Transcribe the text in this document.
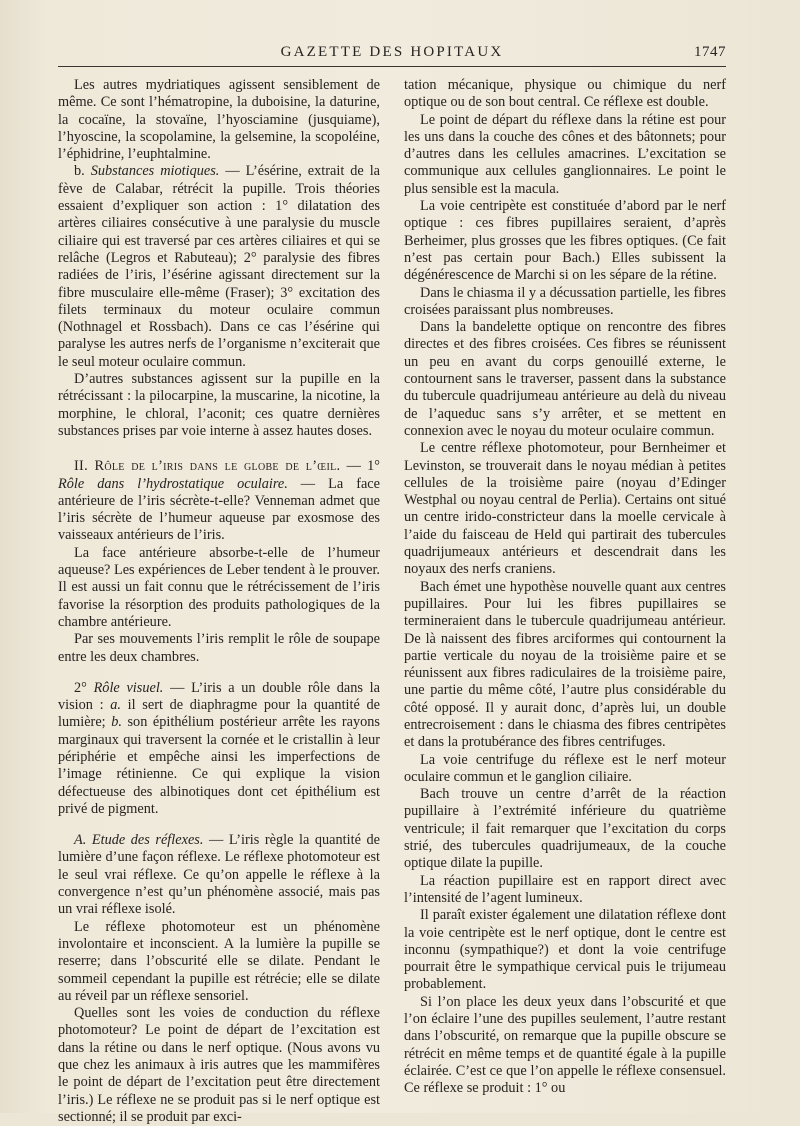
GAZETTE DES HOPITAUX	1747

Les autres mydriatiques agissent sensiblement de même. Ce sont l’hématropine, la duboisine, la daturine, la cocaïne, la stovaïne, l’hyosciamine (jusquiame), l’hyoscine, la scopolamine, la gelsemine, la scopoléine, l’éphidrine, l’euphtalmine.

b. Substances miotiques. — L’ésérine, extrait de la fève de Calabar, rétrécit la pupille. Trois théories essaient d’expliquer son action : 1° dilatation des artères ciliaires consécutive à une paralysie du muscle ciliaire qui est traversé par ces artères ciliaires et qui se relâche (Legros et Rabuteau); 2° paralysie des fibres radiées de l’iris, l’ésérine agissant directement sur la fibre musculaire elle-même (Fraser); 3° excitation des filets terminaux du moteur oculaire commun (Nothnagel et Rossbach). Dans ce cas l’ésérine qui paralyse les autres nerfs de l’organisme n’exciterait que le seul moteur oculaire commun.

D’autres substances agissent sur la pupille en la rétrécissant : la pilocarpine, la muscarine, la nicotine, la morphine, le chloral, l’aconit; ces quatre dernières substances prises par voie interne à assez hautes doses.

II. Rôle de l’iris dans le globe de l’œil. — 1° Rôle dans l’hydrostatique oculaire. — La face antérieure de l’iris sécrète-t-elle? Venneman admet que l’iris sécrète de l’humeur aqueuse par exosmose des vaisseaux antérieurs de l’iris.

La face antérieure absorbe-t-elle de l’humeur aqueuse? Les expériences de Leber tendent à le prouver. Il est aussi un fait connu que le rétrécissement de l’iris favorise la résorption des produits pathologiques de la chambre antérieure.

Par ses mouvements l’iris remplit le rôle de soupape entre les deux chambres.

2° Rôle visuel. — L’iris a un double rôle dans la vision : a. il sert de diaphragme pour la quantité de lumière; b. son épithélium postérieur arrête les rayons marginaux qui traversent la cornée et le cristallin à leur périphérie et empêche ainsi les imperfections de l’image rétinienne. Ce qui explique la vision défectueuse des albinotiques dont cet épithélium est privé de pigment.

A. Etude des réflexes. — L’iris règle la quantité de lumière d’une façon réflexe. Le réflexe photomoteur est le seul vrai réflexe. Ce qu’on appelle le réflexe à la convergence n’est qu’un phénomène associé, mais pas un vrai réflexe isolé.

Le réflexe photomoteur est un phénomène involontaire et inconscient. A la lumière la pupille se reserre; dans l’obscurité elle se dilate. Pendant le sommeil cependant la pupille est rétrécie; elle se dilate au réveil par un réflexe sensoriel.

Quelles sont les voies de conduction du réflexe photomoteur? Le point de départ de l’excitation est dans la rétine ou dans le nerf optique. (Nous avons vu que chez les animaux à iris autres que les mammifères le point de départ de l’excitation peut être directement l’iris.) Le réflexe ne se produit pas si le nerf optique est sectionné; il se produit par exci-

tation mécanique, physique ou chimique du nerf optique ou de son bout central. Ce réflexe est double.

Le point de départ du réflexe dans la rétine est pour les uns dans la couche des cônes et des bâtonnets; pour d’autres dans les cellules amacrines. L’excitation se communique aux cellules ganglionnaires. Le point le plus sensible est la macula.

La voie centripète est constituée d’abord par le nerf optique : ces fibres pupillaires seraient, d’après Berheimer, plus grosses que les fibres optiques. (Ce fait n’est pas certain pour Bach.) Elles subissent la dégénérescence de Marchi si on les sépare de la rétine.

Dans le chiasma il y a décussation partielle, les fibres croisées paraissant plus nombreuses.

Dans la bandelette optique on rencontre des fibres directes et des fibres croisées. Ces fibres se réunissent un peu en avant du corps genouillé externe, le contournent sans le traverser, passent dans la substance du tubercule quadrijumeau antérieure au delà du niveau de l’aqueduc sans s’y arrêter, et se mettent en connexion avec le noyau du moteur oculaire commun.

Le centre réflexe photomoteur, pour Bernheimer et Levinston, se trouverait dans le noyau médian à petites cellules de la troisième paire (noyau d’Edinger Westphal ou noyau central de Perlia). Certains ont situé un centre irido-constricteur dans la moelle cervicale à l’aide du faisceau de Held qui partirait des tubercules quadrijumeaux antérieurs et descendrait dans les noyaux des nerfs craniens.

Bach émet une hypothèse nouvelle quant aux centres pupillaires. Pour lui les fibres pupillaires se termineraient dans le tubercule quadrijumeau antérieur. De là naissent des fibres arciformes qui contournent la partie verticale du noyau de la troisième paire et se réunissent aux fibres radiculaires de la troisième paire, une partie du même côté, l’autre plus considérable du côté opposé. Il y aurait donc, d’après lui, un double entrecroisement : dans le chiasma des fibres centripètes et dans la protubérance des fibres centrifuges.

La voie centrifuge du réflexe est le nerf moteur oculaire commun et le ganglion ciliaire.

Bach trouve un centre d’arrêt de la réaction pupillaire à l’extrémité inférieure du quatrième ventricule; il fait remarquer que l’excitation du corps strié, des tubercules quadrijumeaux, de la couche optique dilate la pupille.

La réaction pupillaire est en rapport direct avec l’intensité de l’agent lumineux.

Il paraît exister également une dilatation réflexe dont la voie centripète est le nerf optique, dont le centre est inconnu (sympathique?) et dont la voie centrifuge pourrait être le sympathique cervical puis le trijumeau probablement.

Si l’on place les deux yeux dans l’obscurité et que l’on éclaire l’une des pupilles seulement, l’autre restant dans l’obscurité, on remarque que la pupille obscure se rétrécit en même temps et de quantité égale à la pupille éclairée. C’est ce que l’on appelle le réflexe consensuel. Ce réflexe se produit : 1° ou
